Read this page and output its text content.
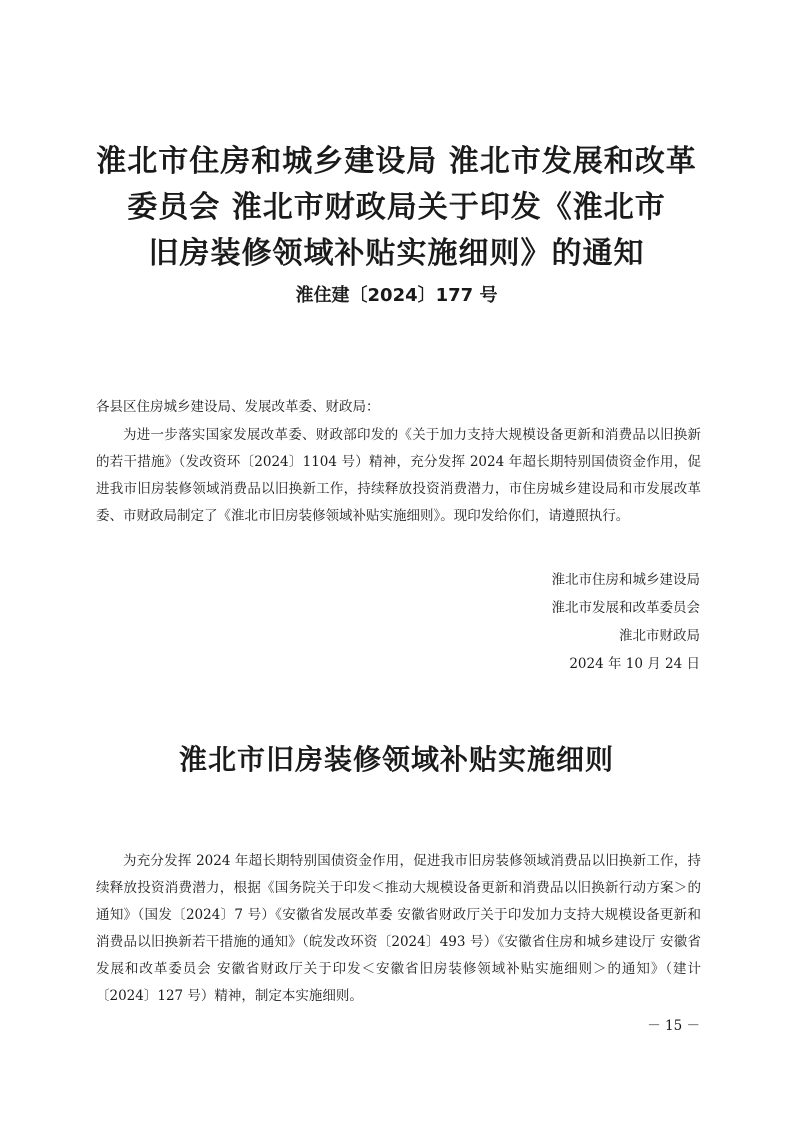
淮北市住房和城乡建设局 淮北市发展和改革
委员会 淮北市财政局关于印发《淮北市
旧房装修领域补贴实施细则》的通知
淮住建〔2024〕177 号
各县区住房城乡建设局、发展改革委、财政局：
为进一步落实国家发展改革委、财政部印发的《关于加力支持大规模设备更新和消费品以旧换新的若干措施》（发改资环〔2024〕1104 号）精神，充分发挥 2024 年超长期特别国债资金作用，促进我市旧房装修领域消费品以旧换新工作，持续释放投资消费潜力，市住房城乡建设局和市发展改革委、市财政局制定了《淮北市旧房装修领域补贴实施细则》。现印发给你们，请遵照执行。
淮北市住房和城乡建设局
淮北市发展和改革委员会
淮北市财政局
2024 年 10 月 24 日
淮北市旧房装修领域补贴实施细则
为充分发挥 2024 年超长期特别国债资金作用，促进我市旧房装修领域消费品以旧换新工作，持续释放投资消费潜力，根据《国务院关于印发＜推动大规模设备更新和消费品以旧换新行动方案＞的通知》（国发〔2024〕7 号）《安徽省发展改革委 安徽省财政厅关于印发加力支持大规模设备更新和消费品以旧换新若干措施的通知》（皖发改环资〔2024〕493 号）《安徽省住房和城乡建设厅 安徽省发展和改革委员会 安徽省财政厅关于印发＜安徽省旧房装修领域补贴实施细则＞的通知》（建计〔2024〕127 号）精神，制定本实施细则。
－ 15 －
